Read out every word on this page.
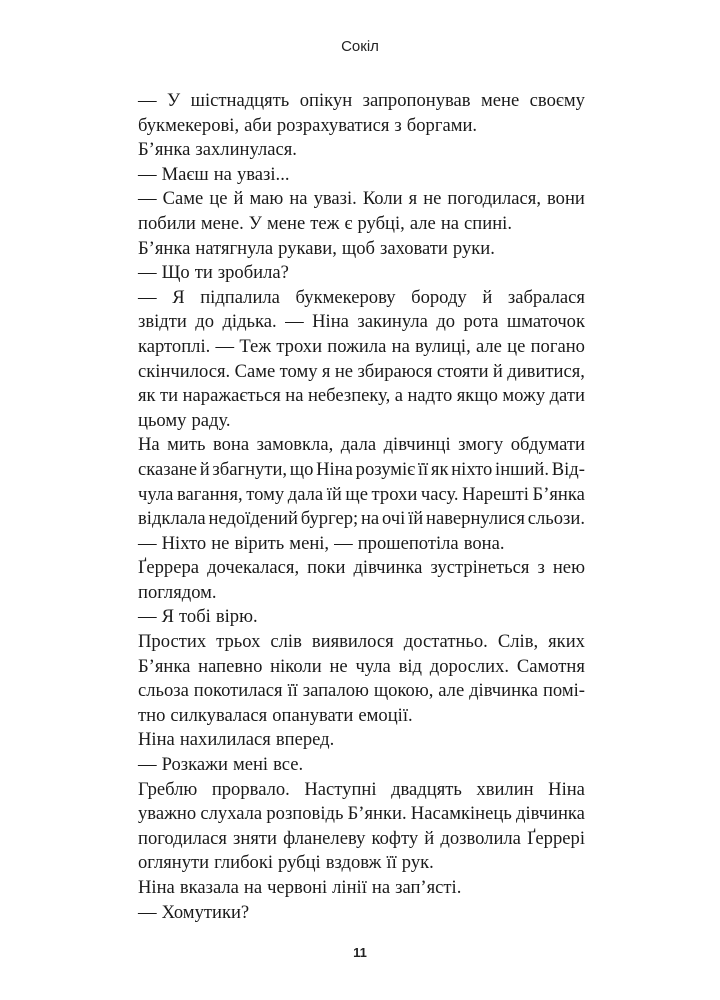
Сокіл
— У шістнадцять опікун запропонував мене своєму
букмекерові, аби розрахуватися з боргами.
Б’янка захлинулася.
— Маєш на увазі...
— Саме це й маю на увазі. Коли я не погодилася, вони
побили мене. У мене теж є рубці, але на спині.
Б’янка натягнула рукави, щоб заховати руки.
— Що ти зробила?
— Я підпалила букмекерову бороду й забралася
звідти до дідька. — Ніна закинула до рота шматочок
картоплі. — Теж трохи пожила на вулиці, але це погано
скінчилося. Саме тому я не збираюся стояти й дивитися,
як ти наражається на небезпеку, а надто якщо можу дати
цьому раду.
На мить вона замовкла, дала дівчинці змогу обдумати
сказане й збагнути, що Ніна розуміє її як ніхто інший. Від-
чула вагання, тому дала їй ще трохи часу. Нарешті Б’янка
відклала недоїдений бургер; на очі їй навернулися сльози.
— Ніхто не вірить мені, — прошепотіла вона.
Ґеррера дочекалася, поки дівчинка зустрінеться з нею
поглядом.
— Я тобі вірю.
Простих трьох слів виявилося достатньо. Слів, яких
Б’янка напевно ніколи не чула від дорослих. Самотня
сльоза покотилася її запалою щокою, але дівчинка помі-
тно силкувалася опанувати емоції.
Ніна нахилилася вперед.
— Розкажи мені все.
Греблю прорвало. Наступні двадцять хвилин Ніна
уважно слухала розповідь Б’янки. Насамкінець дівчинка
погодилася зняти фланелеву кофту й дозволила Ґеррері
оглянути глибокі рубці вздовж її рук.
Ніна вказала на червоні лінії на зап’ясті.
— Хомутики?
11
